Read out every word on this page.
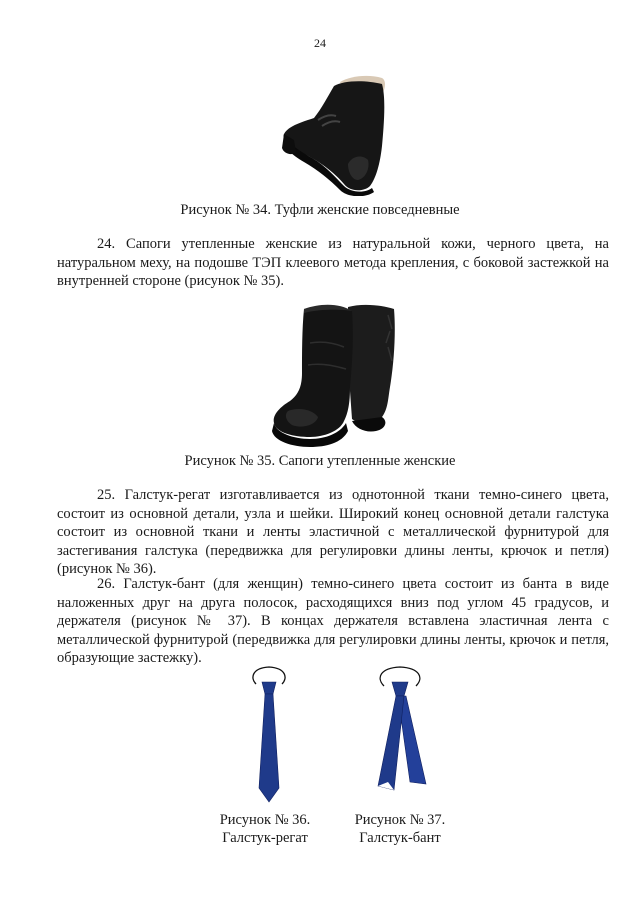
24
Рисунок № 34. Туфли женские повседневные

24. Сапоги утепленные женские из натуральной кожи, черного цвета, на натуральном меху, на подошве ТЭП клеевого метода крепления, с боковой застежкой на внутренней стороне (рисунок № 35).

Рисунок № 35. Сапоги утепленные женские

25. Галстук-регат изготавливается из однотонной ткани темно-синего цвета, состоит из основной детали, узла и шейки. Широкий конец основной детали галстука состоит из основной ткани и ленты эластичной с металлической фурнитурой для застегивания галстука (передвижка для регулировки длины ленты, крючок и петля) (рисунок № 36).

26. Галстук-бант (для женщин) темно-синего цвета состоит из банта в виде наложенных друг на друга полосок, расходящихся вниз под углом 45 градусов, и держателя (рисунок № 37). В концах держателя вставлена эластичная лента с металлической фурнитурой (передвижка для регулировки длины ленты, крючок и петля, образующие застежку).

Рисунок № 36.
Галстук-регат
Рисунок № 37.
Галстук-бант
